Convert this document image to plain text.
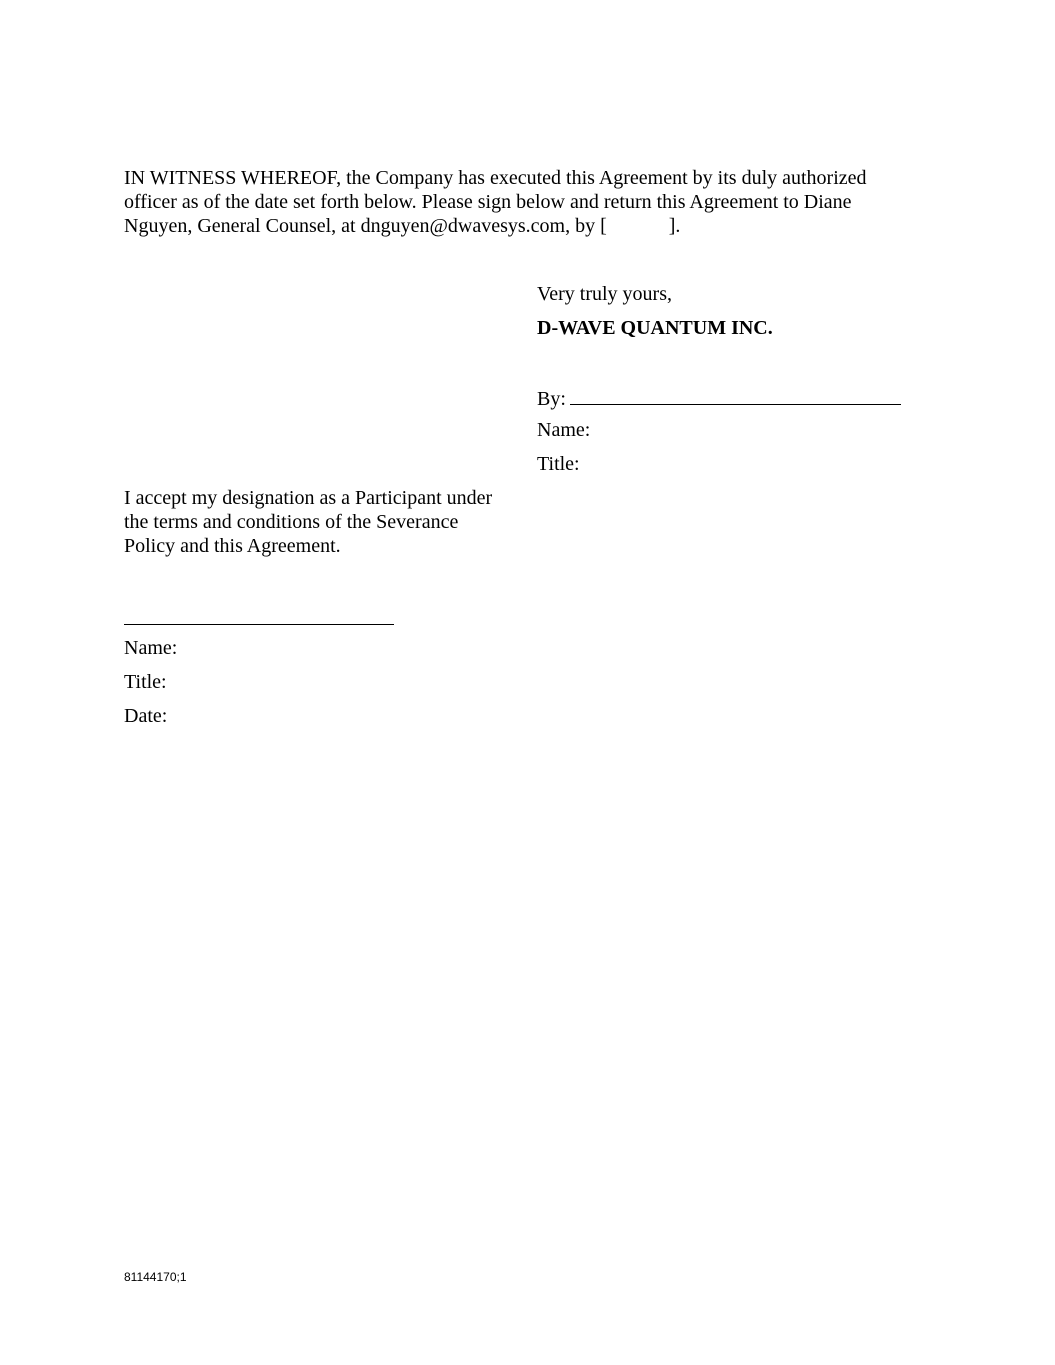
IN WITNESS WHEREOF, the Company has executed this Agreement by its duly authorized
officer as of the date set forth below. Please sign below and return this Agreement to Diane
Nguyen, General Counsel, at dnguyen@dwavesys.com, by [	].

Very truly yours,
D-WAVE QUANTUM INC.
By:
Name:
Title:
I accept my designation as a Participant under
the terms and conditions of the Severance
Policy and this Agreement.
Name:
Title:
Date:
81144170;1
